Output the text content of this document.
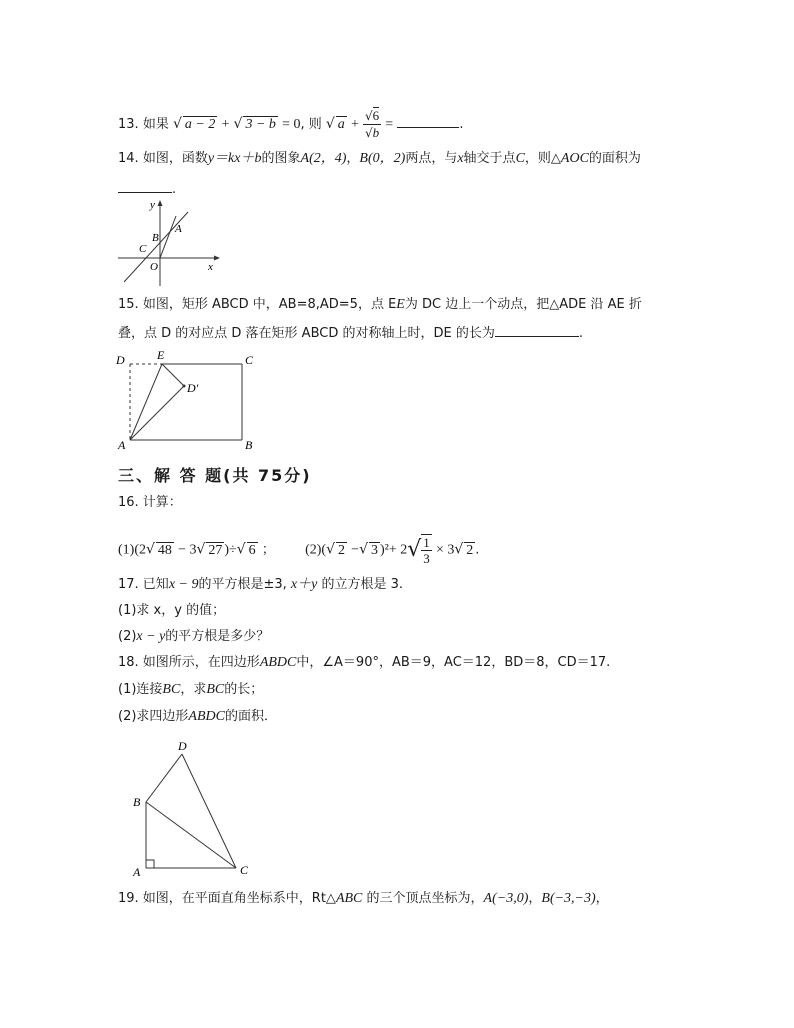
13. 如果 √ a − 2 + √ 3 − b = 0, 则 √ $a + \frac{√6}{√b}$ =	.
14. 如图，函数y＝kx＋b的图象A(2，4)，B(0，2)两点，与x轴交于点C，则△AOC的面积为
.
y
x
A
B
C
O
15. 如图，矩形 ABCD 中，AB=8,AD=5，点 EE为 DC 边上一个动点，把△ADE 沿 AE 折
叠，点 D 的对应点 D 落在矩形 ABCD 的对称轴上时，DE 的长为	.
D	E	C
D′
A	B
三、解 答 题(共 75分)
16. 计算：
(1)(2√ 48 − 3√ 27 )÷√ 6 ； (2)(√ 2 −√ 3 )$^2+ 2√ \frac{1}{3} \times 3√$ 2 .
17. 已知x − 9的平方根是±3, x＋y 的立方根是 3.
(1)求 x，y 的值；
(2)x − y的平方根是多少？
18. 如图所示，在四边形ABDC中，∠A＝90°，AB＝9，AC＝12，BD＝8，CD＝17.
(1)连接BC，求BC的长；
(2)求四边形ABDC的面积．
D
B
A	C
19. 如图，在平面直角坐标系中，Rt△ABC 的三个顶点坐标为，A(−3,0)，B(−3,−3)，
